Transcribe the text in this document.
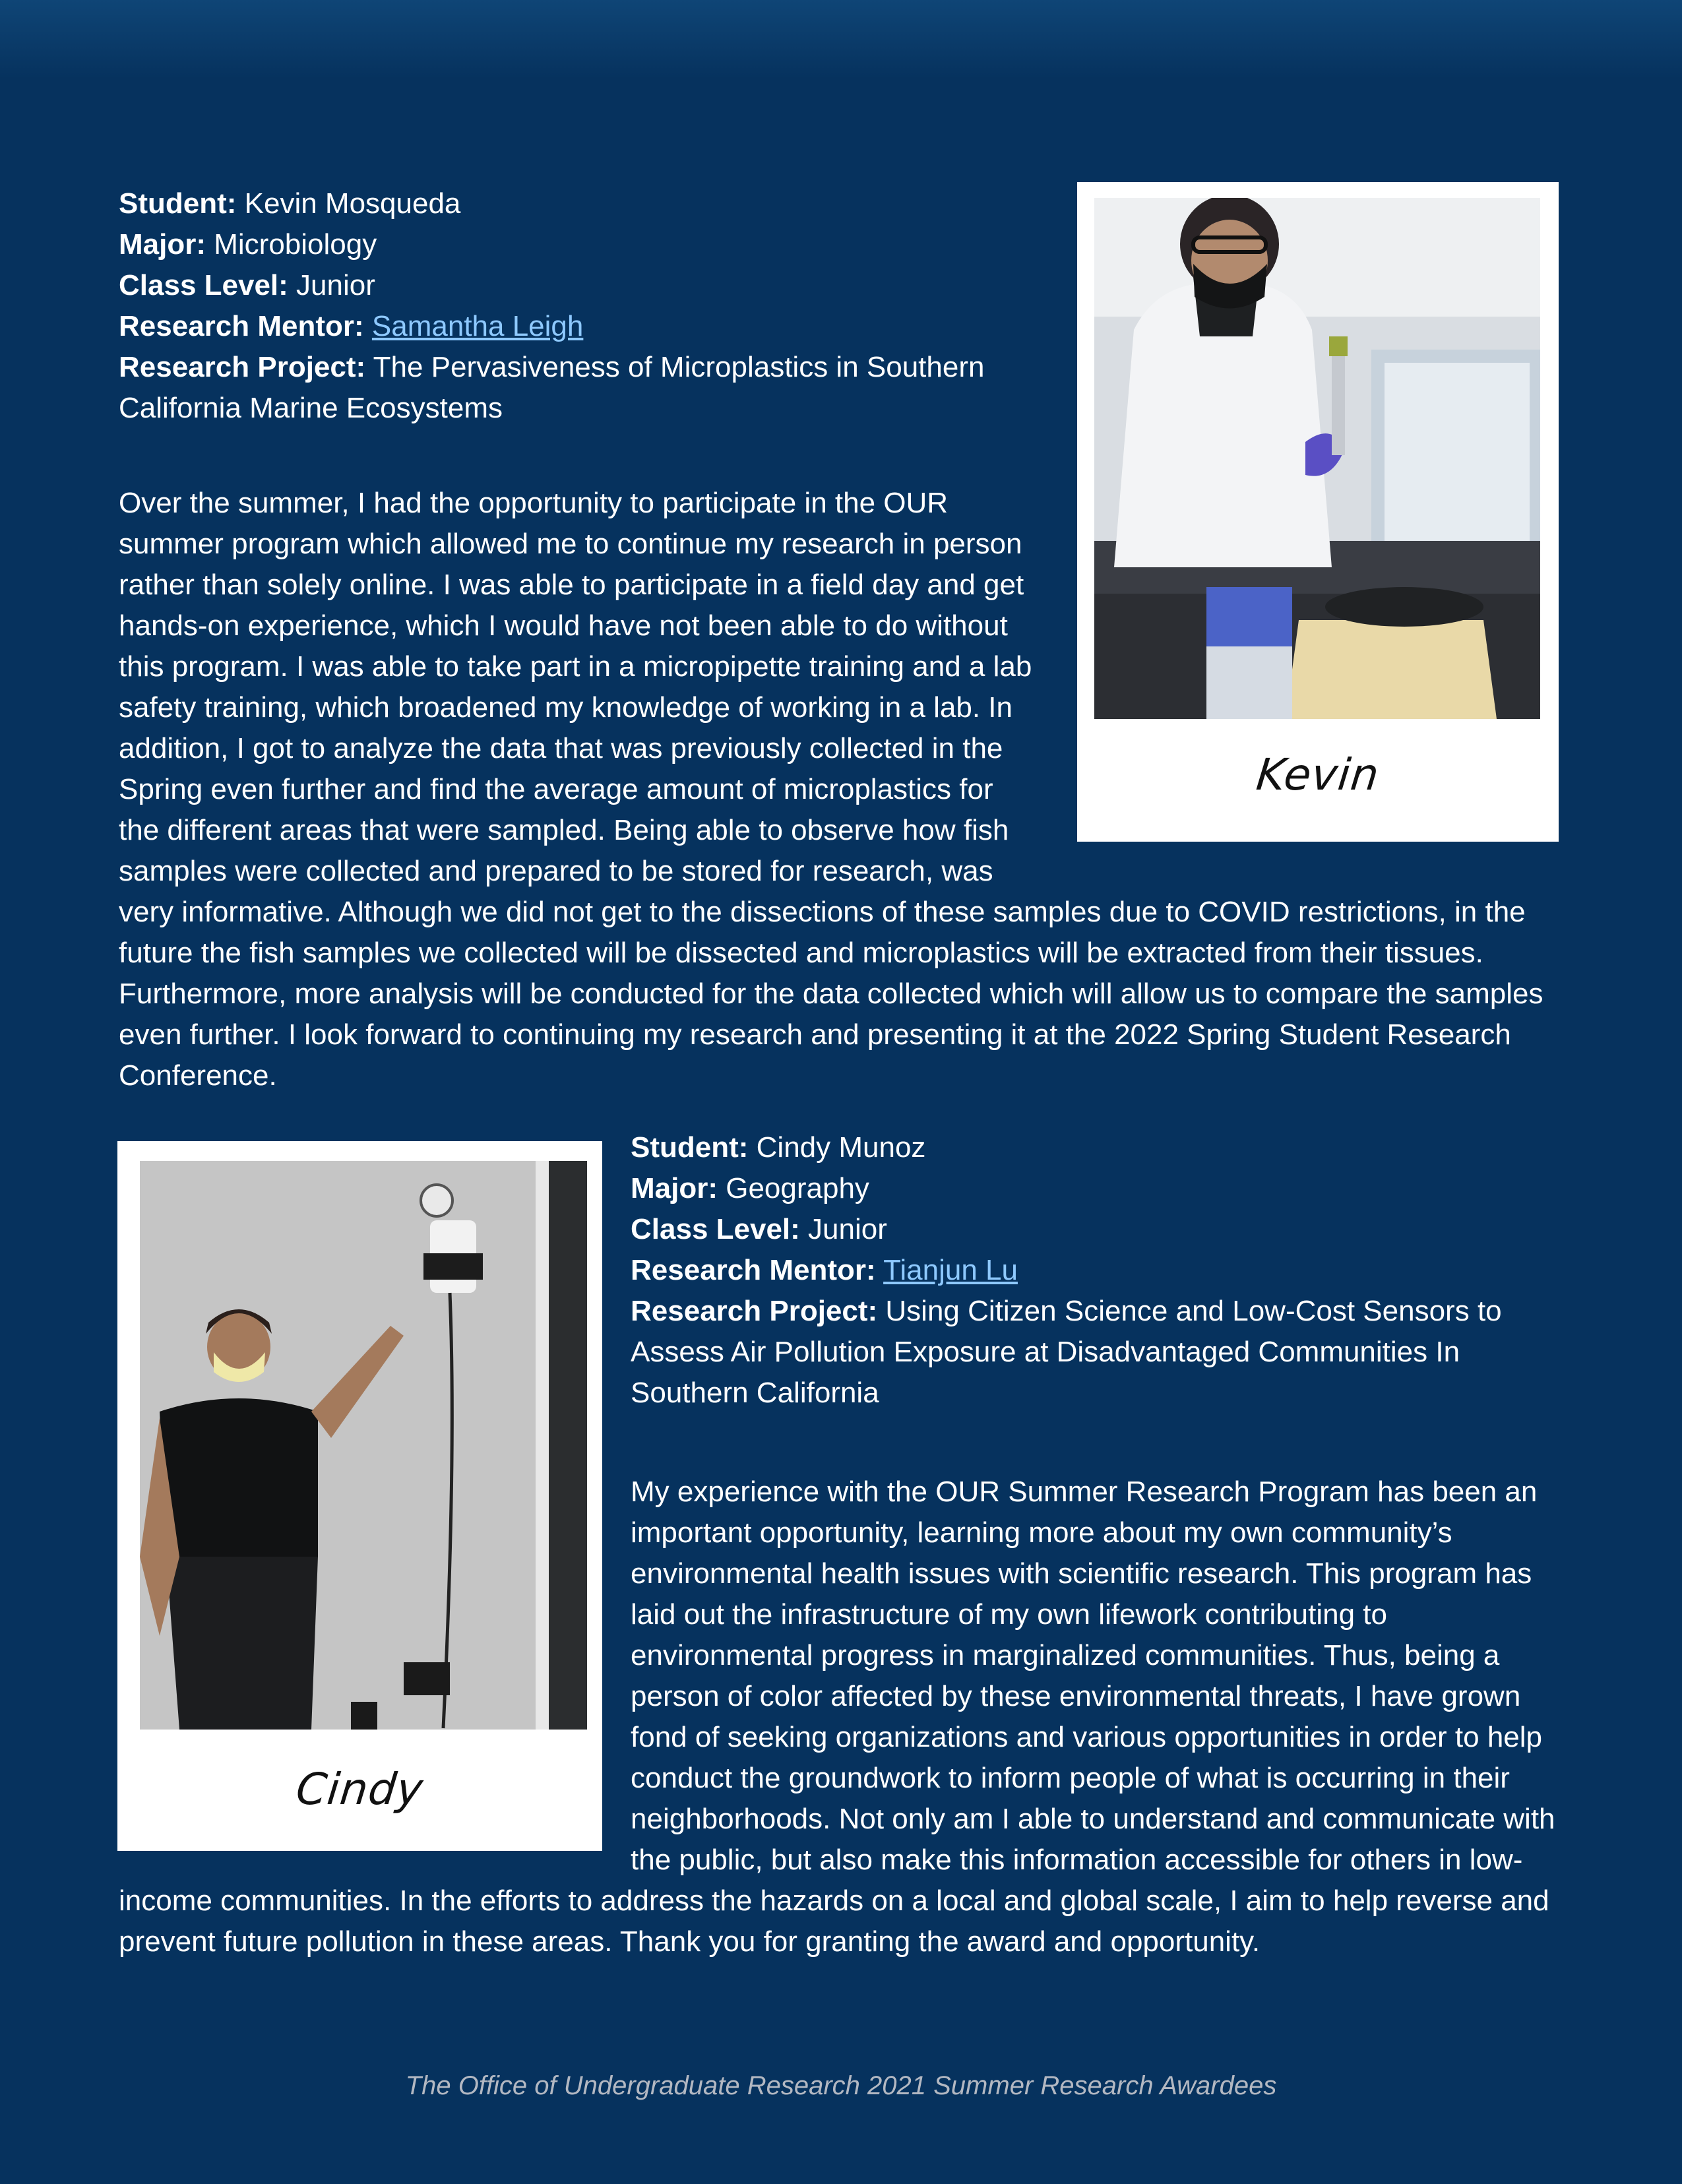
Student: Kevin Mosqueda
Major: Microbiology
Class Level: Junior
Research Mentor: Samantha Leigh
Research Project: The Pervasiveness of Microplastics in Southern California Marine Ecosystems
Over the summer, I had the opportunity to participate in the OUR summer program which allowed me to continue my research in person rather than solely online. I was able to participate in a field day and get hands-on experience, which I would have not been able to do without this program. I was able to take part in a micropipette training and a lab safety training, which broadened my knowledge of working in a lab. In addition, I got to analyze the data that was previously collected in the Spring even further and find the average amount of microplastics for the different areas that were sampled. Being able to observe how fish samples were collected and prepared to be stored for research, was very informative. Although we did not get to the dissections of these samples due to COVID restrictions, in the future the fish samples we collected will be dissected and microplastics will be extracted from their tissues. Furthermore, more analysis will be conducted for the data collected which will allow us to compare the samples even further. I look forward to continuing my research and presenting it at the 2022 Spring Student Research Conference.
Kevin
Student: Cindy Munoz
Major: Geography
Class Level: Junior
Research Mentor: Tianjun Lu
Research Project: Using Citizen Science and Low-Cost Sensors to Assess Air Pollution Exposure at Disadvantaged Communities In Southern California
My experience with the OUR Summer Research Program has been an important opportunity, learning more about my own community’s environmental health issues with scientific research. This program has laid out the infrastructure of my own lifework contributing to environmental progress in marginalized communities. Thus, being a person of color affected by these environmental threats, I have grown fond of seeking organizations and various opportunities in order to help conduct the groundwork to inform people of what is occurring in their neighborhoods. Not only am I able to understand and communicate with the public, but also make this information accessible for others in low-income communities. In the efforts to address the hazards on a local and global scale, I aim to help reverse and prevent future pollution in these areas. Thank you for granting the award and opportunity.
Cindy
The Office of Undergraduate Research 2021 Summer Research Awardees
